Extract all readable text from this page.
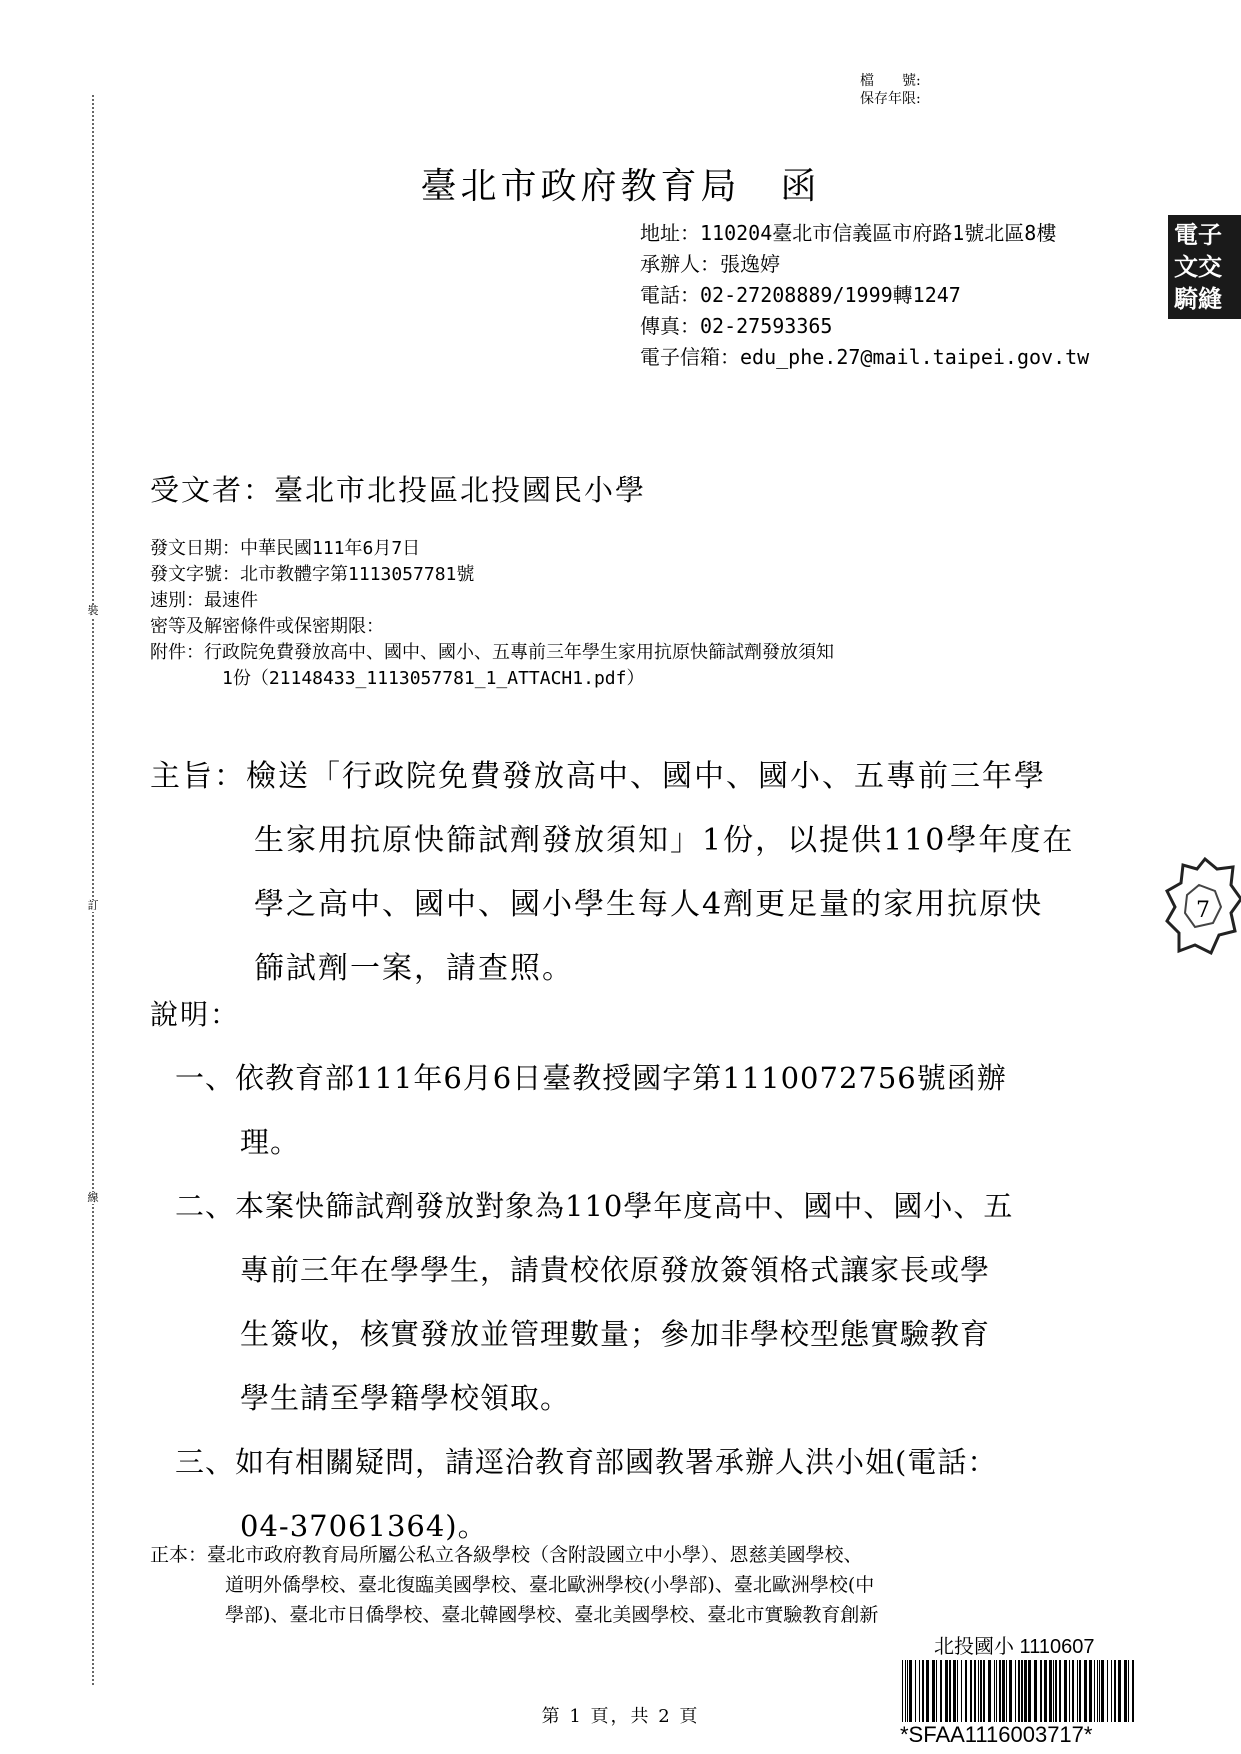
裝
訂
線
檔　　號:
保存年限:
臺北市政府教育局　函
地址：110204臺北市信義區市府路1號北區8樓
承辦人：張逸婷
電話：02-27208889/1999轉1247
傳真：02-27593365
電子信箱：edu_phe.27@mail.taipei.gov.tw
電子
文交
騎縫
受文者：臺北市北投區北投國民小學
發文日期：中華民國111年6月7日
發文字號：北市教體字第1113057781號
速別：最速件
密等及解密條件或保密期限：
附件：行政院免費發放高中、國中、國小、五專前三年學生家用抗原快篩試劑發放須知
1份（21148433_1113057781_1_ATTACH1.pdf）
主旨：檢送「行政院免費發放高中、國中、國小、五專前三年學
生家用抗原快篩試劑發放須知」1份，以提供110學年度在
學之高中、國中、國小學生每人4劑更足量的家用抗原快
篩試劑一案，請查照。
7
說明：
一、依教育部111年6月6日臺教授國字第1110072756號函辦
理。
二、本案快篩試劑發放對象為110學年度高中、國中、國小、五
專前三年在學學生，請貴校依原發放簽領格式讓家長或學
生簽收，核實發放並管理數量；參加非學校型態實驗教育
學生請至學籍學校領取。
三、如有相關疑問，請逕洽教育部國教署承辦人洪小姐(電話：
04-37061364)。
正本：臺北市政府教育局所屬公私立各級學校（含附設國立中小學）、恩慈美國學校、
道明外僑學校、臺北復臨美國學校、臺北歐洲學校(小學部)、臺北歐洲學校(中
學部)、臺北市日僑學校、臺北韓國學校、臺北美國學校、臺北市實驗教育創新
北投國小 1110607
*SFAA1116003717*
第 1 頁，共 2 頁
